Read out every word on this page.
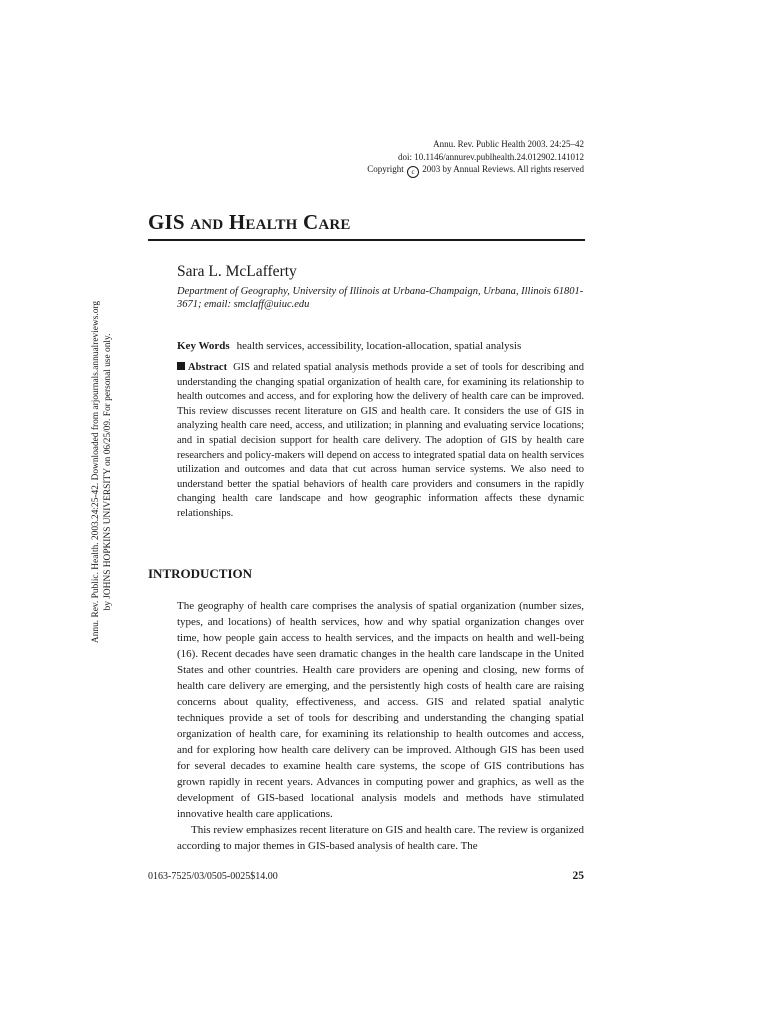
Annu. Rev. Public Health 2003. 24:25–42
doi: 10.1146/annurev.publhealth.24.012902.141012
Copyright c 2003 by Annual Reviews. All rights reserved
GIS AND HEALTH CARE
Sara L. McLafferty
Department of Geography, University of Illinois at Urbana-Champaign, Urbana, Illinois 61801-3671; email: smclaff@uiuc.edu
Annu. Rev. Public. Health. 2003.24:25-42. Downloaded from arjournals.annualreviews.org by JOHNS HOPKINS UNIVERSITY on 06/25/09. For personal use only.	Key Words health services, accessibility, location-allocation, spatial analysis
Abstract GIS and related spatial analysis methods provide a set of tools for describing and understanding the changing spatial organization of health care, for examining its relationship to health outcomes and access, and for exploring how the delivery of health care can be improved. This review discusses recent literature on GIS and health care. It considers the use of GIS in analyzing health care need, access, and utilization; in planning and evaluating service locations; and in spatial decision support for health care delivery. The adoption of GIS by health care researchers and policy-makers will depend on access to integrated spatial data on health services utilization and outcomes and data that cut across human service systems. We also need to understand better the spatial behaviors of health care providers and consumers in the rapidly changing health care landscape and how geographic information affects these dynamic relationships.
INTRODUCTION

The geography of health care comprises the analysis of spatial organization (number sizes, types, and locations) of health services, how and why spatial organization changes over time, how people gain access to health services, and the impacts on health and well-being (16). Recent decades have seen dramatic changes in the health care landscape in the United States and other countries. Health care providers are opening and closing, new forms of health care delivery are emerging, and the persistently high costs of health care are raising concerns about quality, effectiveness, and access. GIS and related spatial analytic techniques provide a set of tools for describing and understanding the changing spatial organization of health care, for examining its relationship to health outcomes and access, and for exploring how health care delivery can be improved. Although GIS has been used for several decades to examine health care systems, the scope of GIS contributions has grown rapidly in recent years. Advances in computing power and graphics, as well as the development of GIS-based locational analysis models and methods have stimulated innovative health care applications.

This review emphasizes recent literature on GIS and health care. The review is organized according to major themes in GIS-based analysis of health care. The

0163-7525/03/0505-0025$14.00	25
